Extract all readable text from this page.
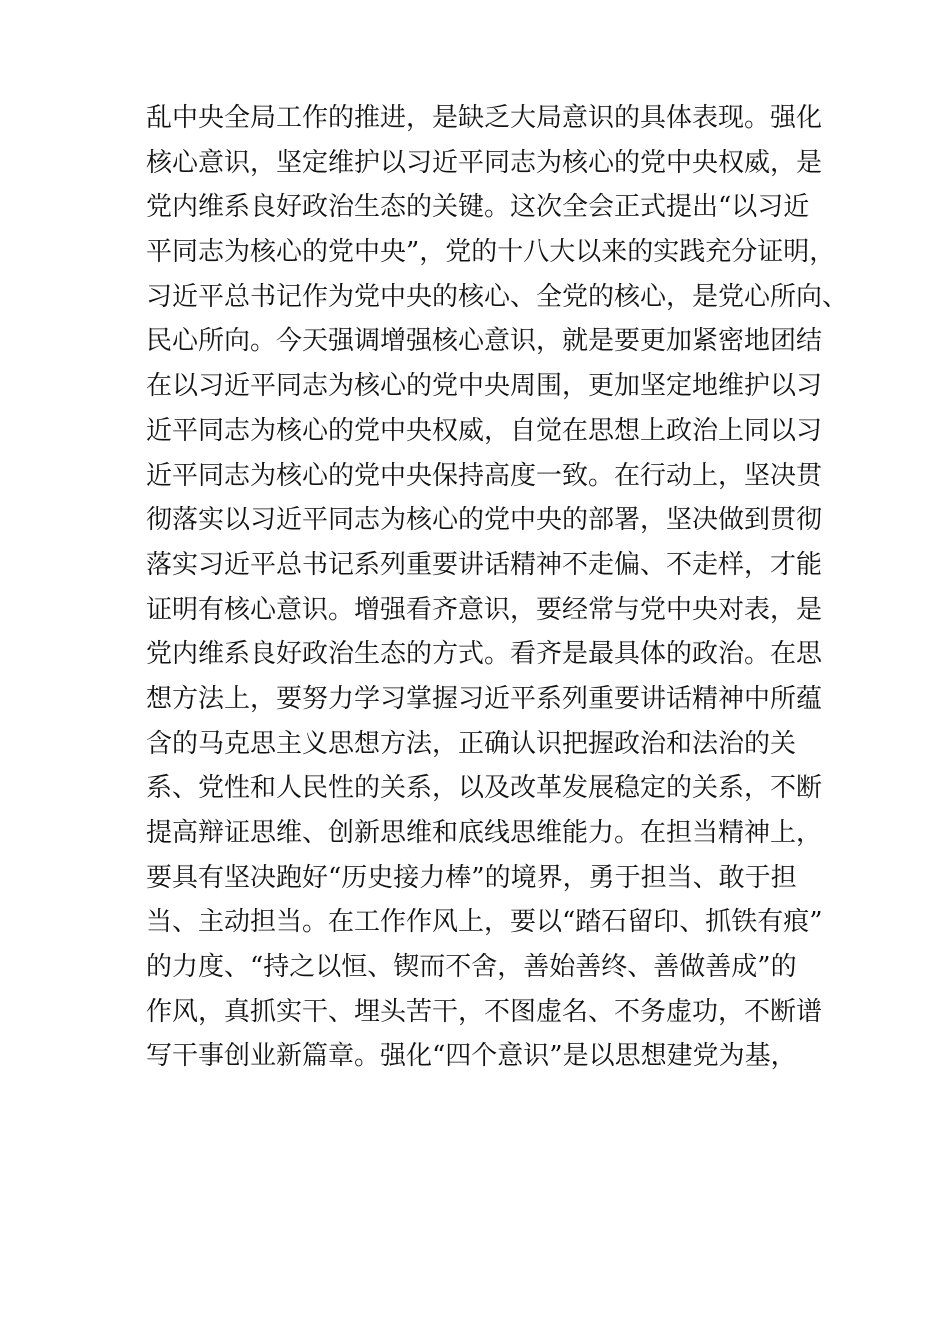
乱中央全局工作的推进，是缺乏大局意识的具体表现。强化
核心意识，坚定维护以习近平同志为核心的党中央权威，是
党内维系良好政治生态的关键。这次全会正式提出“以习近
平同志为核心的党中央”，党的十八大以来的实践充分证明，
习近平总书记作为党中央的核心、全党的核心，是党心所向、
民心所向。今天强调增强核心意识，就是要更加紧密地团结
在以习近平同志为核心的党中央周围，更加坚定地维护以习
近平同志为核心的党中央权威，自觉在思想上政治上同以习
近平同志为核心的党中央保持高度一致。在行动上，坚决贯
彻落实以习近平同志为核心的党中央的部署，坚决做到贯彻
落实习近平总书记系列重要讲话精神不走偏、不走样，才能
证明有核心意识。增强看齐意识，要经常与党中央对表，是
党内维系良好政治生态的方式。看齐是最具体的政治。在思
想方法上，要努力学习掌握习近平系列重要讲话精神中所蕴
含的马克思主义思想方法，正确认识把握政治和法治的关
系、党性和人民性的关系，以及改革发展稳定的关系，不断
提高辩证思维、创新思维和底线思维能力。在担当精神上，
要具有坚决跑好“历史接力棒”的境界，勇于担当、敢于担
当、主动担当。在工作作风上，要以“踏石留印、抓铁有痕”
的力度、“持之以恒、锲而不舍，善始善终、善做善成”的
作风，真抓实干、埋头苦干，不图虚名、不务虚功，不断谱
写干事创业新篇章。强化“四个意识”是以思想建党为基，
